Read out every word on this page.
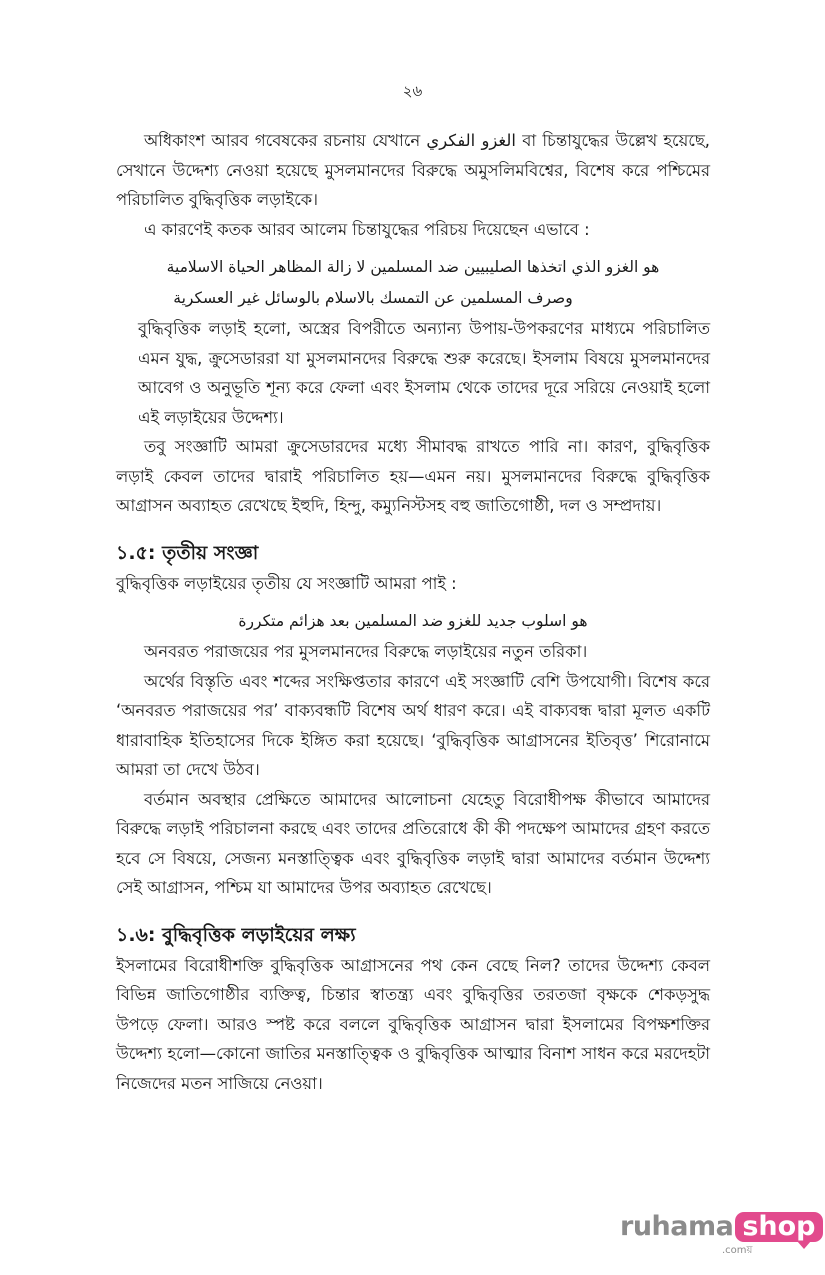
২৬

অধিকাংশ আরব গবেষকের রচনায় যেখানে الغزو الفكري বা চিন্তাযুদ্ধের উল্লেখ হয়েছে, সেখানে উদ্দেশ্য নেওয়া হয়েছে মুসলমানদের বিরুদ্ধে অমুসলিমবিশ্বের, বিশেষ করে পশ্চিমের পরিচালিত বুদ্ধিবৃত্তিক লড়াইকে।

এ কারণেই কতক আরব আলেম চিন্তাযুদ্ধের পরিচয় দিয়েছেন এভাবে :

هو الغزو الذي اتخذها الصليبيين ضد المسلمين لا زالة المظاهر الحياة الاسلامية
وصرف المسلمين عن التمسك بالاسلام بالوسائل غير العسكرية

বুদ্ধিবৃত্তিক লড়াই হলো, অস্ত্রের বিপরীতে অন্যান্য উপায়-উপকরণের মাধ্যমে পরিচালিত এমন যুদ্ধ, ক্রুসেডাররা যা মুসলমানদের বিরুদ্ধে শুরু করেছে। ইসলাম বিষয়ে মুসলমানদের আবেগ ও অনুভূতি শূন্য করে ফেলা এবং ইসলাম থেকে তাদের দূরে সরিয়ে নেওয়াই হলো এই লড়াইয়ের উদ্দেশ্য।

তবু সংজ্ঞাটি আমরা ক্রুসেডারদের মধ্যে সীমাবদ্ধ রাখতে পারি না। কারণ, বুদ্ধিবৃত্তিক লড়াই কেবল তাদের দ্বারাই পরিচালিত হয়—এমন নয়। মুসলমানদের বিরুদ্ধে বুদ্ধিবৃত্তিক আগ্রাসন অব্যাহত রেখেছে ইহুদি, হিন্দু, কম্যুনিস্টসহ বহু জাতিগোষ্ঠী, দল ও সম্প্রদায়।

১.৫: তৃতীয় সংজ্ঞা

বুদ্ধিবৃত্তিক লড়াইয়ের তৃতীয় যে সংজ্ঞাটি আমরা পাই :

هو اسلوب جديد للغزو ضد المسلمين بعد هزائم متكررة

অনবরত পরাজয়ের পর মুসলমানদের বিরুদ্ধে লড়াইয়ের নতুন তরিকা।

অর্থের বিস্তৃতি এবং শব্দের সংক্ষিপ্ততার কারণে এই সংজ্ঞাটি বেশি উপযোগী। বিশেষ করে ‘অনবরত পরাজয়ের পর’ বাক্যবন্ধটি বিশেষ অর্থ ধারণ করে। এই বাক্যবন্ধ দ্বারা মূলত একটি ধারাবাহিক ইতিহাসের দিকে ইঙ্গিত করা হয়েছে। ‘বুদ্ধিবৃত্তিক আগ্রাসনের ইতিবৃত্ত’ শিরোনামে আমরা তা দেখে উঠব।

বর্তমান অবস্থার প্রেক্ষিতে আমাদের আলোচনা যেহেতু বিরোধীপক্ষ কীভাবে আমাদের বিরুদ্ধে লড়াই পরিচালনা করছে এবং তাদের প্রতিরোধে কী কী পদক্ষেপ আমাদের গ্রহণ করতে হবে সে বিষয়ে, সেজন্য মনস্তাত্ত্বিক এবং বুদ্ধিবৃত্তিক লড়াই দ্বারা আমাদের বর্তমান উদ্দেশ্য সেই আগ্রাসন, পশ্চিম যা আমাদের উপর অব্যাহত রেখেছে।

১.৬: বুদ্ধিবৃত্তিক লড়াইয়ের লক্ষ্য

ইসলামের বিরোধীশক্তি বুদ্ধিবৃত্তিক আগ্রাসনের পথ কেন বেছে নিল? তাদের উদ্দেশ্য কেবল বিভিন্ন জাতিগোষ্ঠীর ব্যক্তিত্ব, চিন্তার স্বাতন্ত্র্য এবং বুদ্ধিবৃত্তির তরতজা বৃক্ষকে শেকড়সুদ্ধ উপড়ে ফেলা। আরও স্পষ্ট করে বললে বুদ্ধিবৃত্তিক আগ্রাসন দ্বারা ইসলামের বিপক্ষশক্তির উদ্দেশ্য হলো—কোনো জাতির মনস্তাত্ত্বিক ও বুদ্ধিবৃত্তিক আত্মার বিনাশ সাধন করে মরদেহটা নিজেদের মতন সাজিয়ে নেওয়া।

ruhama shop
.comয়
